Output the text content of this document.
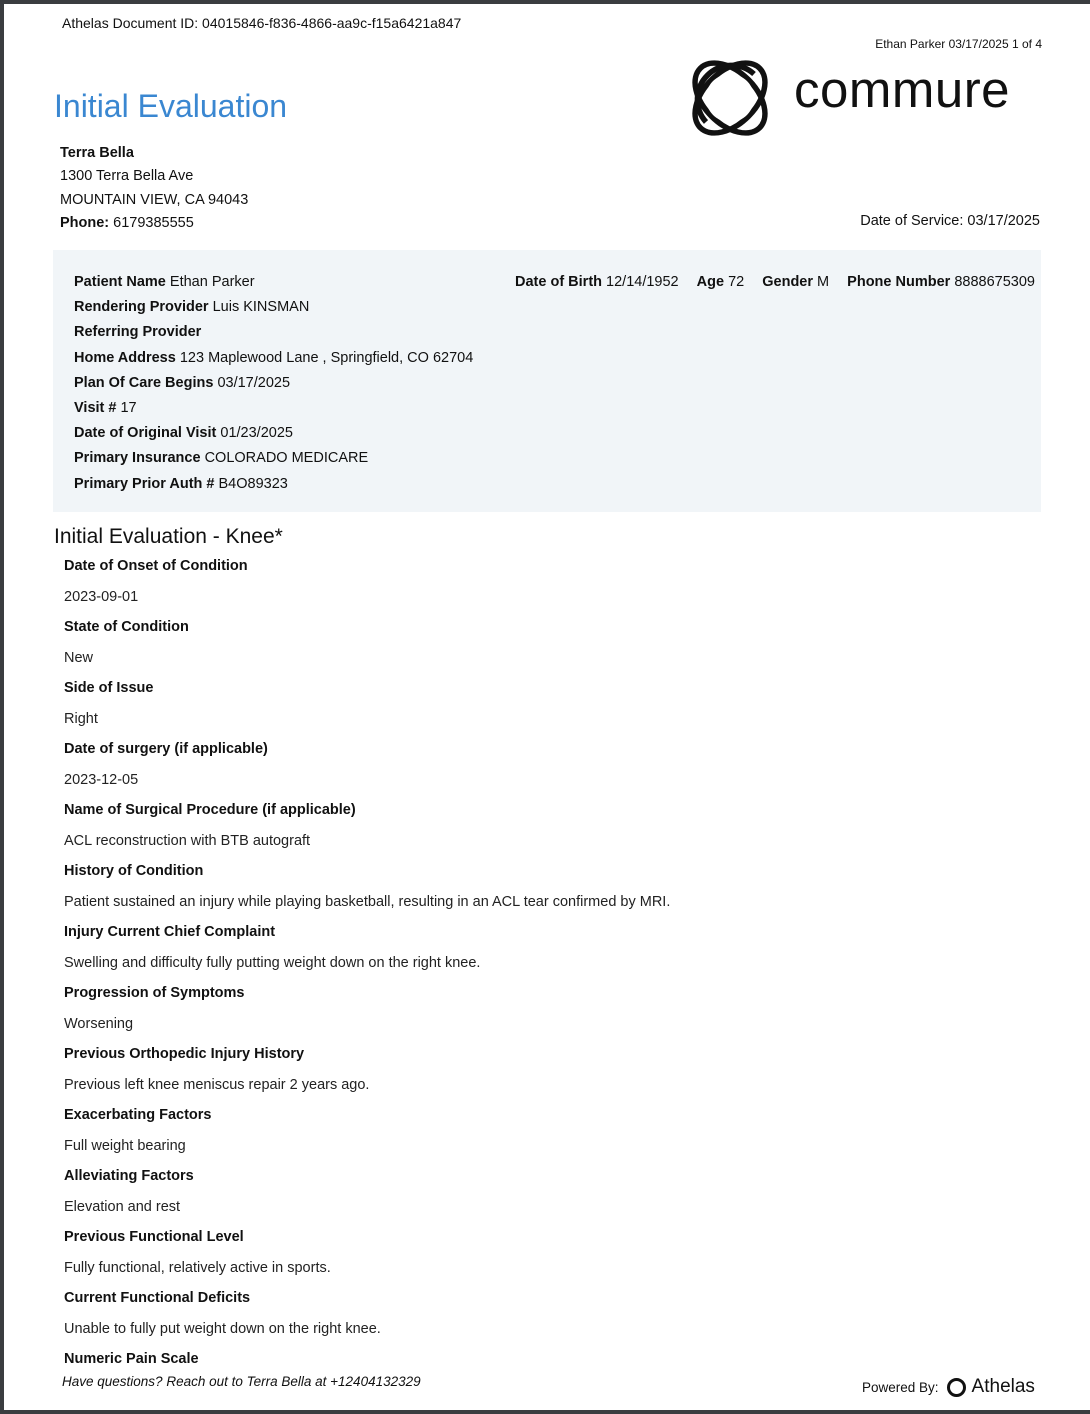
Athelas Document ID: 04015846-f836-4866-aa9c-f15a6421a847
Ethan Parker 03/17/2025 1 of 4
Initial Evaluation	commure
Terra Bella
1300 Terra Bella Ave
MOUNTAIN VIEW, CA 94043
Phone: 6179385555	Date of Service: 03/17/2025
Patient Name Ethan Parker
Rendering Provider Luis KINSMAN
Referring Provider
Home Address 123 Maplewood Lane , Springfield, CO 62704
Plan Of Care Begins 03/17/2025
Visit # 17
Date of Original Visit 01/23/2025
Primary Insurance COLORADO MEDICARE
Primary Prior Auth # B4O89323
Date of Birth 12/14/1952 Age 72 Gender M Phone Number 8888675309
Initial Evaluation - Knee*
Date of Onset of Condition
2023-09-01
State of Condition
New
Side of Issue
Right
Date of surgery (if applicable)
2023-12-05
Name of Surgical Procedure (if applicable)
ACL reconstruction with BTB autograft
History of Condition
Patient sustained an injury while playing basketball, resulting in an ACL tear confirmed by MRI.
Injury Current Chief Complaint
Swelling and difficulty fully putting weight down on the right knee.
Progression of Symptoms
Worsening
Previous Orthopedic Injury History
Previous left knee meniscus repair 2 years ago.
Exacerbating Factors
Full weight bearing
Alleviating Factors
Elevation and rest
Previous Functional Level
Fully functional, relatively active in sports.
Current Functional Deficits
Unable to fully put weight down on the right knee.
Numeric Pain Scale
Have questions? Reach out to Terra Bella at +12404132329	Powered By: Athelas
